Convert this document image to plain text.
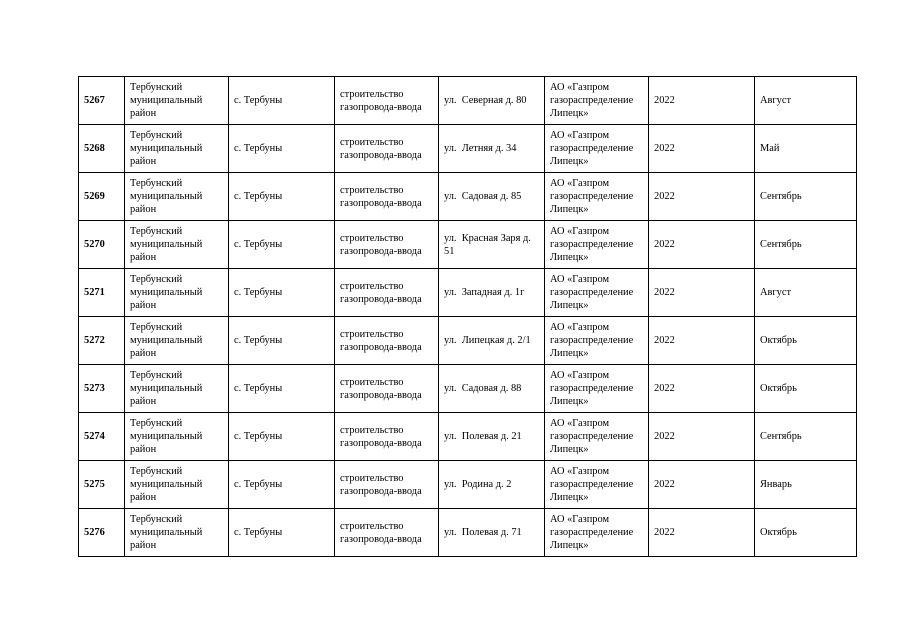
5267	Тербунский муниципальный район	с. Тербуны	строительство газопровода-ввода	ул.  Северная д. 80	АО «Газпром газораспределение Липецк»	2022	Август
5268	Тербунский муниципальный район	с. Тербуны	строительство газопровода-ввода	ул.  Летняя д. 34	АО «Газпром газораспределение Липецк»	2022	Май
5269	Тербунский муниципальный район	с. Тербуны	строительство газопровода-ввода	ул.  Садовая д. 85	АО «Газпром газораспределение Липецк»	2022	Сентябрь
5270	Тербунский муниципальный район	с. Тербуны	строительство газопровода-ввода	ул.  Красная Заря д. 51	АО «Газпром газораспределение Липецк»	2022	Сентябрь
5271	Тербунский муниципальный район	с. Тербуны	строительство газопровода-ввода	ул.  Западная д. 1г	АО «Газпром газораспределение Липецк»	2022	Август
5272	Тербунский муниципальный район	с. Тербуны	строительство газопровода-ввода	ул.  Липецкая д. 2/1	АО «Газпром газораспределение Липецк»	2022	Октябрь
5273	Тербунский муниципальный район	с. Тербуны	строительство газопровода-ввода	ул.  Садовая д. 88	АО «Газпром газораспределение Липецк»	2022	Октябрь
5274	Тербунский муниципальный район	с. Тербуны	строительство газопровода-ввода	ул.  Полевая д. 21	АО «Газпром газораспределение Липецк»	2022	Сентябрь
5275	Тербунский муниципальный район	с. Тербуны	строительство газопровода-ввода	ул.  Родина д. 2	АО «Газпром газораспределение Липецк»	2022	Январь
5276	Тербунский муниципальный район	с. Тербуны	строительство газопровода-ввода	ул.  Полевая д. 71	АО «Газпром газораспределение Липецк»	2022	Октябрь
